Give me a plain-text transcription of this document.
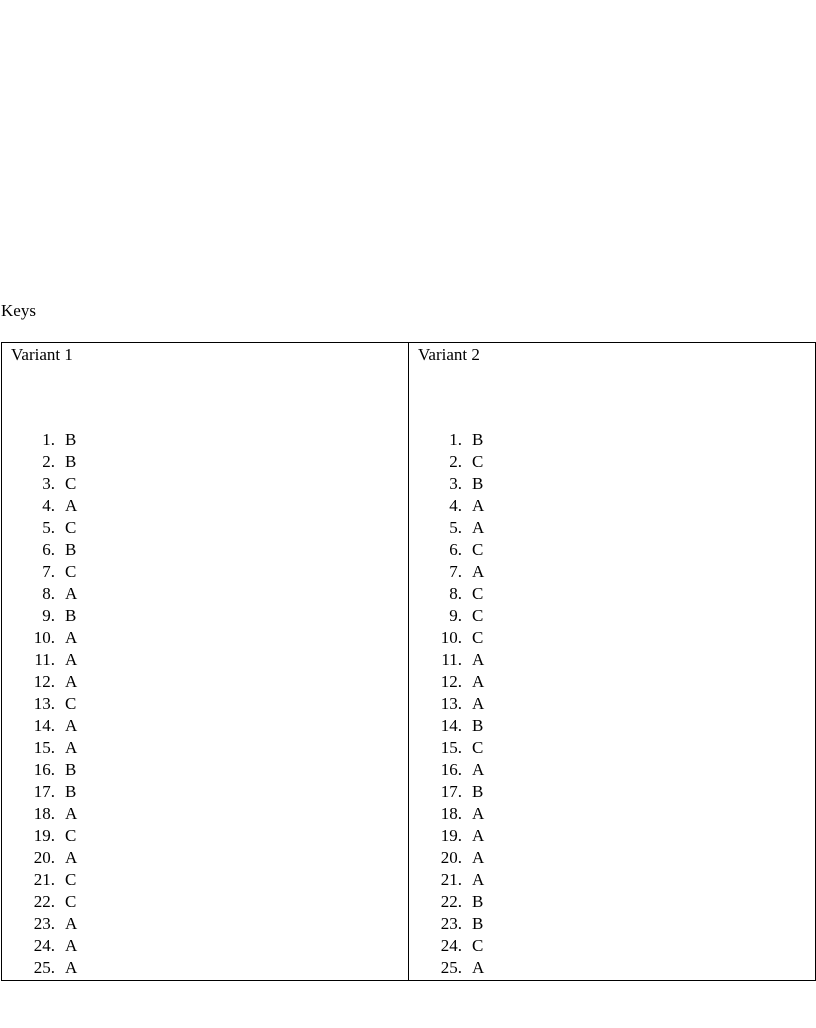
Keys
Variant 1
1. B
2. B
3. C
4. A
5. C
6. B
7. C
8. A
9. B
10. A
11. A
12. A
13. C
14. A
15. A
16. B
17. B
18. A
19. C
20. A
21. C
22. C
23. A
24. A
25. A

Variant 2
1. B
2. C
3. B
4. A
5. A
6. C
7. A
8. C
9. C
10. C
11. A
12. A
13. A
14. B
15. C
16. A
17. B
18. A
19. A
20. A
21. A
22. B
23. B
24. C
25. A
